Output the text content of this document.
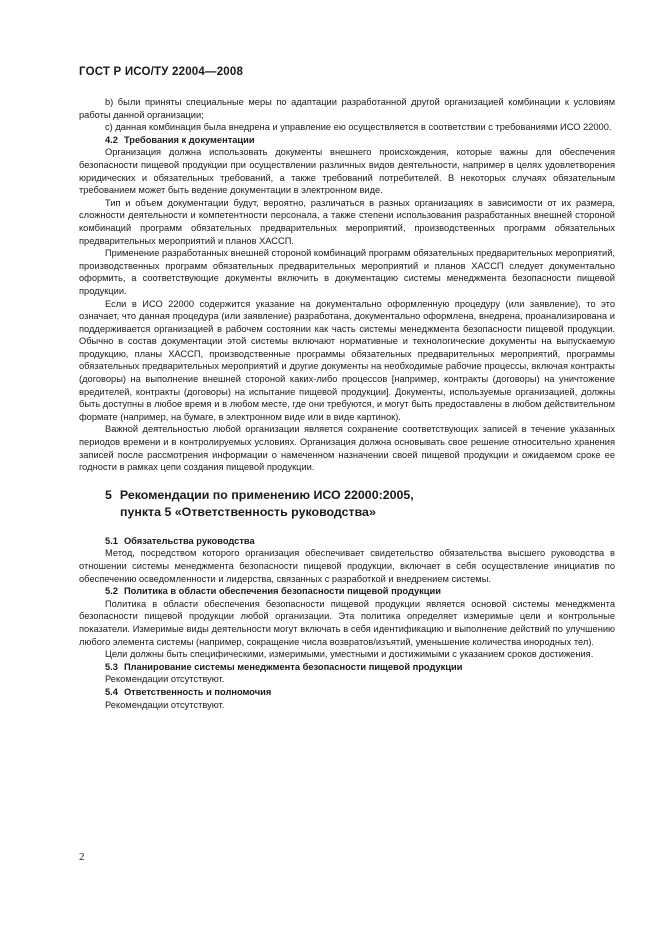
ГОСТ Р ИСО/ТУ 22004—2008

b) были приняты специальные меры по адаптации разработанной другой организацией комбинации к условиям работы данной организации;

c) данная комбинация была внедрена и управление ею осуществляется в соответствии с требованиями ИСО 22000.

4.2 Требования к документации

Организация должна использовать документы внешнего происхождения, которые важны для обеспечения безопасности пищевой продукции при осуществлении различных видов деятельности, например в целях удовлетворения юридических и обязательных требований, а также требований потребителей. В некоторых случаях обязательным требованием может быть ведение документации в электронном виде.

Тип и объем документации будут, вероятно, различаться в разных организациях в зависимости от их размера, сложности деятельности и компетентности персонала, а также степени использования разработанных внешней стороной комбинаций программ обязательных предварительных мероприятий, производственных программ обязательных предварительных мероприятий и планов ХАССП.

Применение разработанных внешней стороной комбинаций программ обязательных предварительных мероприятий, производственных программ обязательных предварительных мероприятий и планов ХАССП следует документально оформить, а соответствующие документы включить в документацию системы менеджмента безопасности пищевой продукции.

Если в ИСО 22000 содержится указание на документально оформленную процедуру (или заявление), то это означает, что данная процедура (или заявление) разработана, документально оформлена, внедрена, проанализирована и поддерживается организацией в рабочем состоянии как часть системы менеджмента безопасности пищевой продукции. Обычно в состав документации этой системы включают нормативные и технологические документы на выпускаемую продукцию, планы ХАССП, производственные программы обязательных предварительных мероприятий, программы обязательных предварительных мероприятий и другие документы на необходимые рабочие процессы, включая контракты (договоры) на выполнение внешней стороной каких-либо процессов [например, контракты (договоры) на уничтожение вредителей, контракты (договоры) на испытание пищевой продукции]. Документы, используемые организацией, должны быть доступны в любое время и в любом месте, где они требуются, и могут быть предоставлены в любом действительном формате (например, на бумаге, в электронном виде или в виде картинок).

Важной деятельностью любой организации является сохранение соответствующих записей в течение указанных периодов времени и в контролируемых условиях. Организация должна основывать свое решение относительно хранения записей после рассмотрения информации о намеченном назначении своей пищевой продукции и ожидаемом сроке ее годности в рамках цепи создания пищевой продукции.

5 Рекомендации по применению ИСО 22000:2005,
пункта 5 «Ответственность руководства»
5.1 Обязательства руководства

Метод, посредством которого организация обеспечивает свидетельство обязательства высшего руководства в отношении системы менеджмента безопасности пищевой продукции, включает в себя осуществление инициатив по обеспечению осведомленности и лидерства, связанных с разработкой и внедрением системы.

5.2 Политика в области обеспечения безопасности пищевой продукции

Политика в области обеспечения безопасности пищевой продукции является основой системы менеджмента безопасности пищевой продукции любой организации. Эта политика определяет измеримые цели и контрольные показатели. Измеримые виды деятельности могут включать в себя идентификацию и выполнение действий по улучшению любого элемента системы (например, сокращение числа возвратов/изъятий, уменьшение количества инородных тел).

Цели должны быть специфическими, измеримыми, уместными и достижимыми с указанием сроков достижения.

5.3 Планирование системы менеджмента безопасности пищевой продукции

Рекомендации отсутствуют.

5.4 Ответственность и полномочия

Рекомендации отсутствуют.

2
